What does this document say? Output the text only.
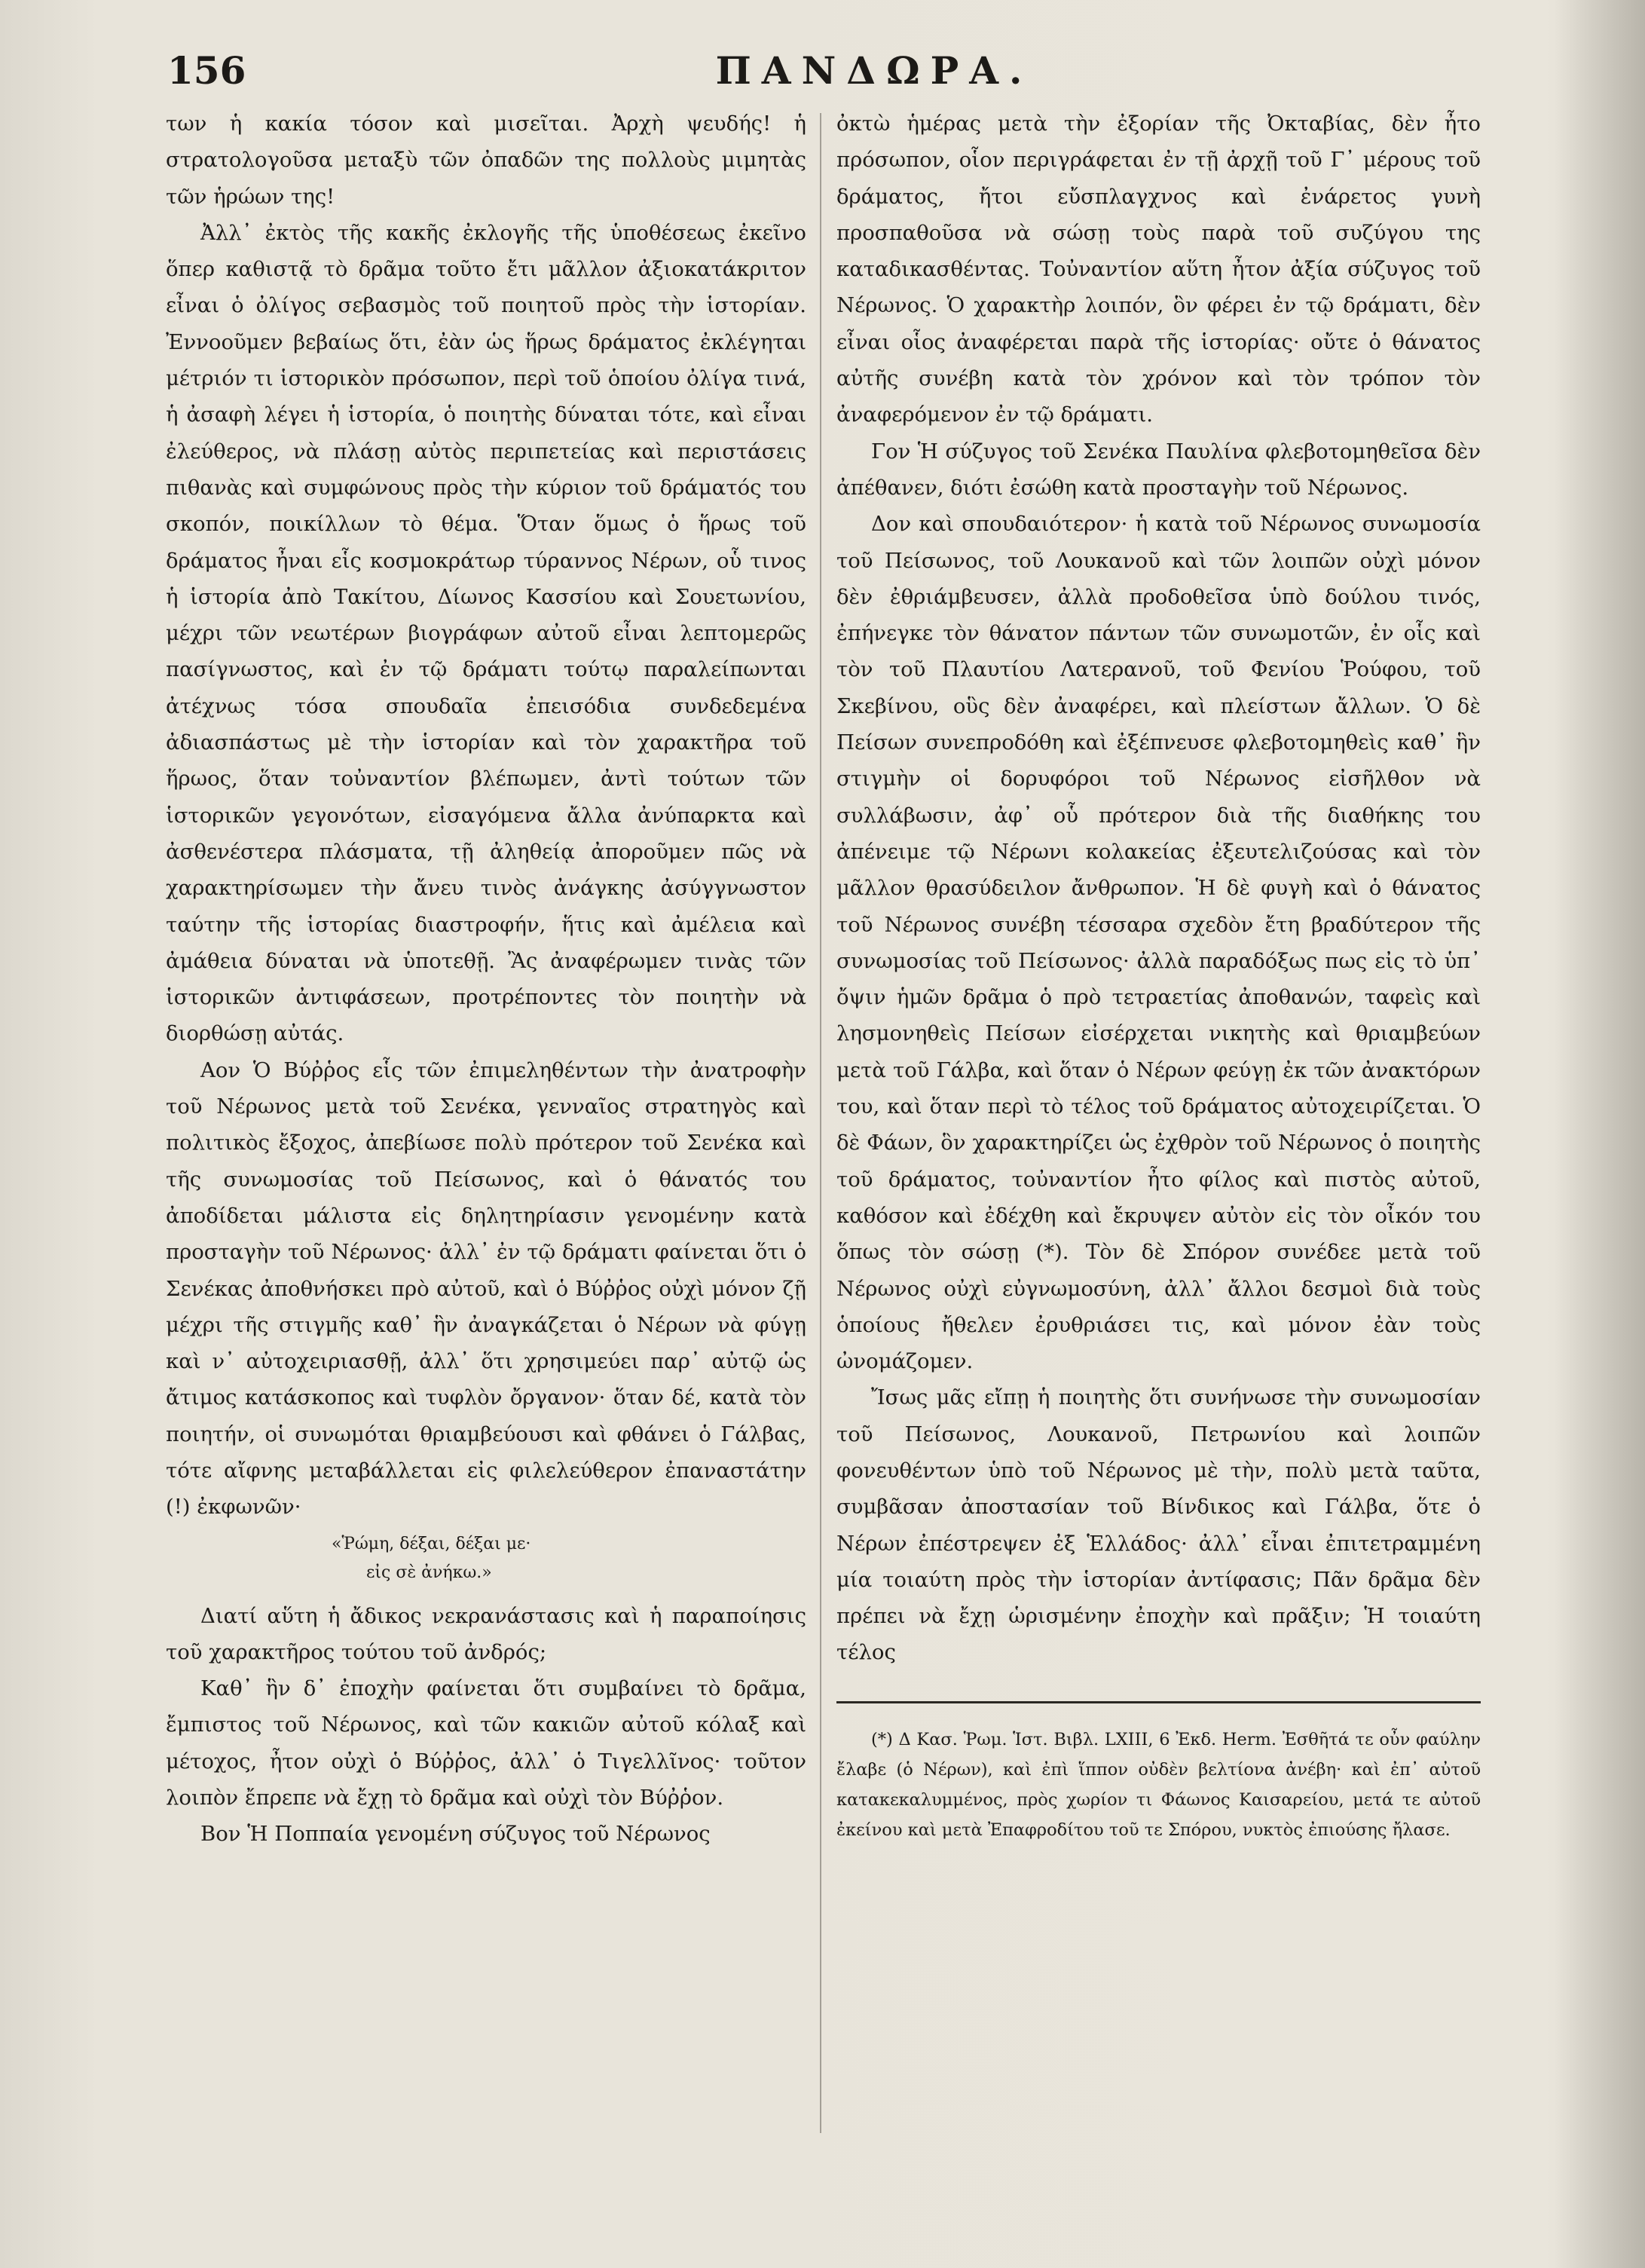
156	ΠΑΝΔΩΡΑ.

των ἡ κακία τόσον καὶ μισεῖται. Ἀρχὴ ψευδής! ἡ στρατολογοῦσα μεταξὺ τῶν ὀπαδῶν της πολλοὺς μιμητὰς τῶν ἡρώων της!

Ἀλλ᾽ ἐκτὸς τῆς κακῆς ἐκλογῆς τῆς ὑποθέσεως ἐκεῖνο ὅπερ καθιστᾷ τὸ δρᾶμα τοῦτο ἔτι μᾶλλον ἀξιοκατάκριτον εἶναι ὁ ὀλίγος σεβασμὸς τοῦ ποιητοῦ πρὸς τὴν ἱστορίαν. Ἐννοοῦμεν βεβαίως ὅτι, ἐὰν ὡς ἥρως δράματος ἐκλέγηται μέτριόν τι ἱστορικὸν πρόσωπον, περὶ τοῦ ὁποίου ὀλίγα τινά, ἡ ἀσαφὴ λέγει ἡ ἱστορία, ὁ ποιητὴς δύναται τότε, καὶ εἶναι ἐλεύθερος, νὰ πλάσῃ αὐτὸς περιπετείας καὶ περιστάσεις πιθανὰς καὶ συμφώνους πρὸς τὴν κύριον τοῦ δράματός του σκοπόν, ποικίλλων τὸ θέμα. Ὅταν ὅμως ὁ ἥρως τοῦ δράματος ἦναι εἷς κοσμοκράτωρ τύραννος Νέρων, οὗ τινος ἡ ἱστορία ἀπὸ Τακίτου, Δίωνος Κασσίου καὶ Σουετωνίου, μέχρι τῶν νεωτέρων βιογράφων αὐτοῦ εἶναι λεπτομερῶς πασίγνωστος, καὶ ἐν τῷ δράματι τούτῳ παραλείπωνται ἀτέχνως τόσα σπουδαῖα ἐπεισόδια συνδεδεμένα ἀδιασπάστως μὲ τὴν ἱστορίαν καὶ τὸν χαρακτῆρα τοῦ ἥρωος, ὅταν τοὐναντίον βλέπωμεν, ἀντὶ τούτων τῶν ἱστορικῶν γεγονότων, εἰσαγόμενα ἄλλα ἀνύπαρκτα καὶ ἀσθενέστερα πλάσματα, τῇ ἀληθείᾳ ἀποροῦμεν πῶς νὰ χαρακτηρίσωμεν τὴν ἄνευ τινὸς ἀνάγκης ἀσύγγνωστον ταύτην τῆς ἱστορίας διαστροφήν, ἥτις καὶ ἀμέλεια καὶ ἀμάθεια δύναται νὰ ὑποτεθῇ. Ἂς ἀναφέρωμεν τινὰς τῶν ἱστορικῶν ἀντιφάσεων, προτρέποντες τὸν ποιητὴν νὰ διορθώσῃ αὐτάς.

Αον Ὁ Βύῤῥος εἷς τῶν ἐπιμεληθέντων τὴν ἀνατροφὴν τοῦ Νέρωνος μετὰ τοῦ Σενέκα, γενναῖος στρατηγὸς καὶ πολιτικὸς ἔξοχος, ἀπεβίωσε πολὺ πρότερον τοῦ Σενέκα καὶ τῆς συνωμοσίας τοῦ Πείσωνος, καὶ ὁ θάνατός του ἀποδίδεται μάλιστα εἰς δηλητηρίασιν γενομένην κατὰ προσταγὴν τοῦ Νέρωνος· ἀλλ᾽ ἐν τῷ δράματι φαίνεται ὅτι ὁ Σενέκας ἀποθνήσκει πρὸ αὐτοῦ, καὶ ὁ Βύῤῥος οὐχὶ μόνον ζῇ μέχρι τῆς στιγμῆς καθ᾽ ἣν ἀναγκάζεται ὁ Νέρων νὰ φύγῃ καὶ ν᾽ αὐτοχειριασθῇ, ἀλλ᾽ ὅτι χρησιμεύει παρ᾽ αὐτῷ ὡς ἄτιμος κατάσκοπος καὶ τυφλὸν ὄργανον· ὅταν δέ, κατὰ τὸν ποιητήν, οἱ συνωμόται θριαμβεύουσι καὶ φθάνει ὁ Γάλβας, τότε αἴφνης μεταβάλλεται εἰς φιλελεύθερον ἐπαναστάτην (!) ἐκφωνῶν·

«Ῥώμη, δέξαι, δέξαι με·
εἰς σὲ ἀνήκω.»

Διατί αὕτη ἡ ἄδικος νεκρανάστασις καὶ ἡ παραποίησις τοῦ χαρακτῆρος τούτου τοῦ ἀνδρός;

Καθ᾽ ἣν δ᾽ ἐποχὴν φαίνεται ὅτι συμβαίνει τὸ δρᾶμα, ἔμπιστος τοῦ Νέρωνος, καὶ τῶν κακιῶν αὐτοῦ κόλαξ καὶ μέτοχος, ἦτον οὐχὶ ὁ Βύῤῥος, ἀλλ᾽ ὁ Τιγελλῖνος· τοῦτον λοιπὸν ἔπρεπε νὰ ἔχῃ τὸ δρᾶμα καὶ οὐχὶ τὸν Βύῤῥον.

Βον Ἡ Ποππαία γενομένη σύζυγος τοῦ Νέρωνος

ὀκτὼ ἡμέρας μετὰ τὴν ἐξορίαν τῆς Ὀκταβίας, δὲν ἦτο πρόσωπον, οἷον περιγράφεται ἐν τῇ ἀρχῇ τοῦ Γ᾽ μέρους τοῦ δράματος, ἤτοι εὔσπλαγχνος καὶ ἐνάρετος γυνὴ προσπαθοῦσα νὰ σώσῃ τοὺς παρὰ τοῦ συζύγου της καταδικασθέντας. Τοὐναντίον αὕτη ἦτον ἀξία σύζυγος τοῦ Νέρωνος. Ὁ χαρακτὴρ λοιπόν, ὃν φέρει ἐν τῷ δράματι, δὲν εἶναι οἷος ἀναφέρεται παρὰ τῆς ἱστορίας· οὔτε ὁ θάνατος αὐτῆς συνέβη κατὰ τὸν χρόνον καὶ τὸν τρόπον τὸν ἀναφερόμενον ἐν τῷ δράματι.

Γον Ἡ σύζυγος τοῦ Σενέκα Παυλίνα φλεβοτομηθεῖσα δὲν ἀπέθανεν, διότι ἐσώθη κατὰ προσταγὴν τοῦ Νέρωνος.

Δον καὶ σπουδαιότερον· ἡ κατὰ τοῦ Νέρωνος συνωμοσία τοῦ Πείσωνος, τοῦ Λουκανοῦ καὶ τῶν λοιπῶν οὐχὶ μόνον δὲν ἐθριάμβευσεν, ἀλλὰ προδοθεῖσα ὑπὸ δούλου τινός, ἐπήνεγκε τὸν θάνατον πάντων τῶν συνωμοτῶν, ἐν οἷς καὶ τὸν τοῦ Πλαυτίου Λατερανοῦ, τοῦ Φενίου Ῥούφου, τοῦ Σκεβίνου, οὓς δὲν ἀναφέρει, καὶ πλείστων ἄλλων. Ὁ δὲ Πείσων συνεπροδόθη καὶ ἐξέπνευσε φλεβοτομηθεὶς καθ᾽ ἣν στιγμὴν οἱ δορυφόροι τοῦ Νέρωνος εἰσῆλθον νὰ συλλάβωσιν, ἀφ᾽ οὗ πρότερον διὰ τῆς διαθήκης του ἀπένειμε τῷ Νέρωνι κολακείας ἐξευτελιζούσας καὶ τὸν μᾶλλον θρασύδειλον ἄνθρωπον. Ἡ δὲ φυγὴ καὶ ὁ θάνατος τοῦ Νέρωνος συνέβη τέσσαρα σχεδὸν ἔτη βραδύτερον τῆς συνωμοσίας τοῦ Πείσωνος· ἀλλὰ παραδόξως πως εἰς τὸ ὑπ᾽ ὄψιν ἡμῶν δρᾶμα ὁ πρὸ τετραετίας ἀποθανών, ταφεὶς καὶ λησμονηθεὶς Πείσων εἰσέρχεται νικητὴς καὶ θριαμβεύων μετὰ τοῦ Γάλβα, καὶ ὅταν ὁ Νέρων φεύγῃ ἐκ τῶν ἀνακτόρων του, καὶ ὅταν περὶ τὸ τέλος τοῦ δράματος αὐτοχειρίζεται. Ὁ δὲ Φάων, ὃν χαρακτηρίζει ὡς ἐχθρὸν τοῦ Νέρωνος ὁ ποιητὴς τοῦ δράματος, τοὐναντίον ἦτο φίλος καὶ πιστὸς αὐτοῦ, καθόσον καὶ ἐδέχθη καὶ ἔκρυψεν αὐτὸν εἰς τὸν οἶκόν του ὅπως τὸν σώσῃ (*). Τὸν δὲ Σπόρον συνέδεε μετὰ τοῦ Νέρωνος οὐχὶ εὐγνωμοσύνη, ἀλλ᾽ ἄλλοι δεσμοὶ διὰ τοὺς ὁποίους ἤθελεν ἐρυθριάσει τις, καὶ μόνον ἐὰν τοὺς ὠνομάζομεν.

Ἴσως μᾶς εἴπῃ ἡ ποιητὴς ὅτι συνήνωσε τὴν συνωμοσίαν τοῦ Πείσωνος, Λουκανοῦ, Πετρωνίου καὶ λοιπῶν φονευθέντων ὑπὸ τοῦ Νέρωνος μὲ τὴν, πολὺ μετὰ ταῦτα, συμβᾶσαν ἀποστασίαν τοῦ Βίνδικος καὶ Γάλβα, ὅτε ὁ Νέρων ἐπέστρεψεν ἐξ Ἑλλάδος· ἀλλ᾽ εἶναι ἐπιτετραμμένη μία τοιαύτη πρὸς τὴν ἱστορίαν ἀντίφασις; Πᾶν δρᾶμα δὲν πρέπει νὰ ἔχῃ ὡρισμένην ἐποχὴν καὶ πρᾶξιν; Ἡ τοιαύτη τέλος

(*) Δ Κασ. Ῥωμ. Ἱστ. Βιβλ. LXIII, 6 Ἐκδ. Herm. Ἐσθῆτά τε οὖν φαύλην ἔλαβε (ὁ Νέρων), καὶ ἐπὶ ἵππον οὐδὲν βελτίονα ἀνέβη· καὶ ἐπ᾽ αὐτοῦ κατακεκαλυμμένος, πρὸς χωρίον τι Φάωνος Καισαρείου, μετά τε αὐτοῦ ἐκείνου καὶ μετὰ Ἐπαφροδίτου τοῦ τε Σπόρου, νυκτὸς ἐπιούσης ἤλασε.
